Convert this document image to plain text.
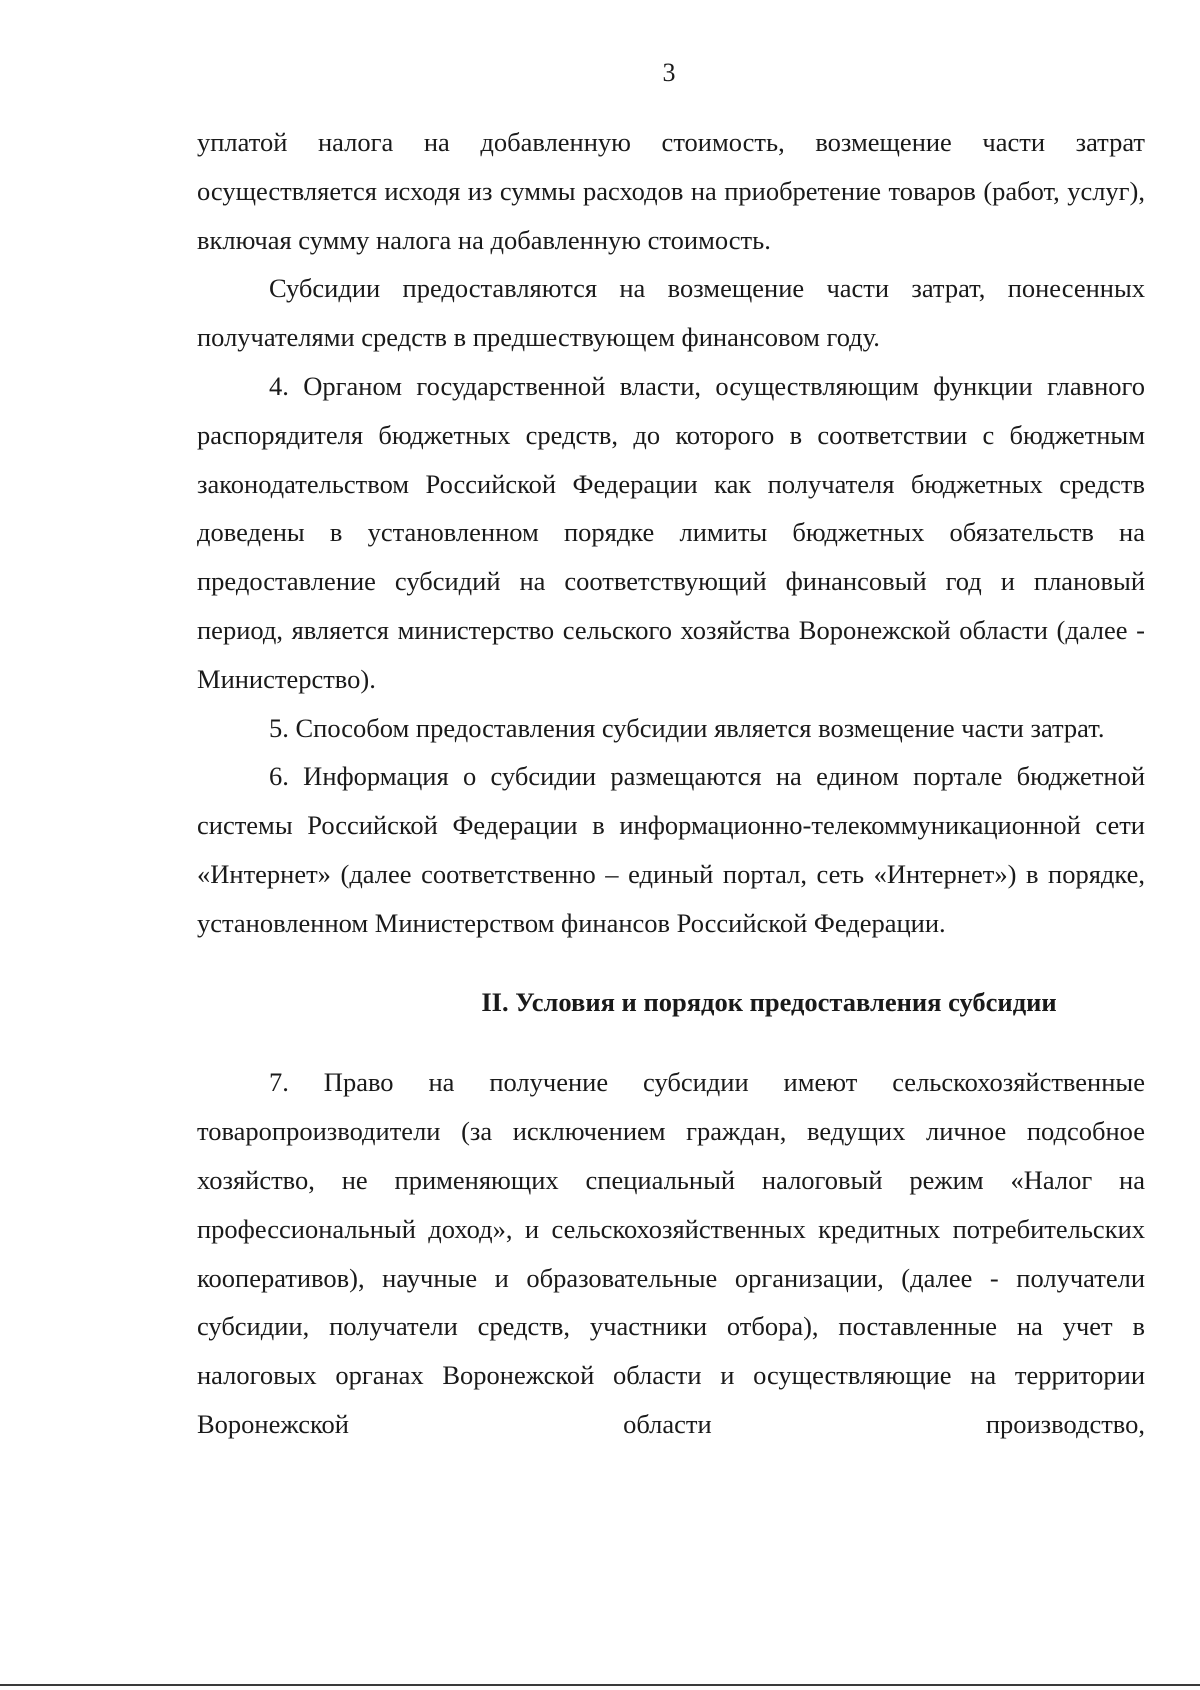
3

уплатой налога на добавленную стоимость, возмещение части затрат осуществляется исходя из суммы расходов на приобретение товаров (работ, услуг), включая сумму налога на добавленную стоимость.

Субсидии предоставляются на возмещение части затрат, понесенных получателями средств в предшествующем финансовом году.

4. Органом государственной власти, осуществляющим функции главного распорядителя бюджетных средств, до которого в соответствии с бюджетным законодательством Российской Федерации как получателя бюджетных средств доведены в установленном порядке лимиты бюджетных обязательств на предоставление субсидий на соответствующий финансовый год и плановый период, является министерство сельского хозяйства Воронежской области (далее - Министерство).

5. Способом предоставления субсидии является возмещение части затрат.

6. Информация о субсидии размещаются на едином портале бюджетной системы Российской Федерации в информационно-телекоммуникационной сети «Интернет» (далее соответственно – единый портал, сеть «Интернет») в порядке, установленном Министерством финансов Российской Федерации.

II. Условия и порядок предоставления субсидии

7. Право на получение субсидии имеют сельскохозяйственные товаропроизводители (за исключением граждан, ведущих личное подсобное хозяйство, не применяющих специальный налоговый режим «Налог на профессиональный доход», и сельскохозяйственных кредитных потребительских кооперативов), научные и образовательные организации, (далее - получатели субсидии, получатели средств, участники отбора), поставленные на учет в налоговых органах Воронежской области и осуществляющие на территории Воронежской области производство,
